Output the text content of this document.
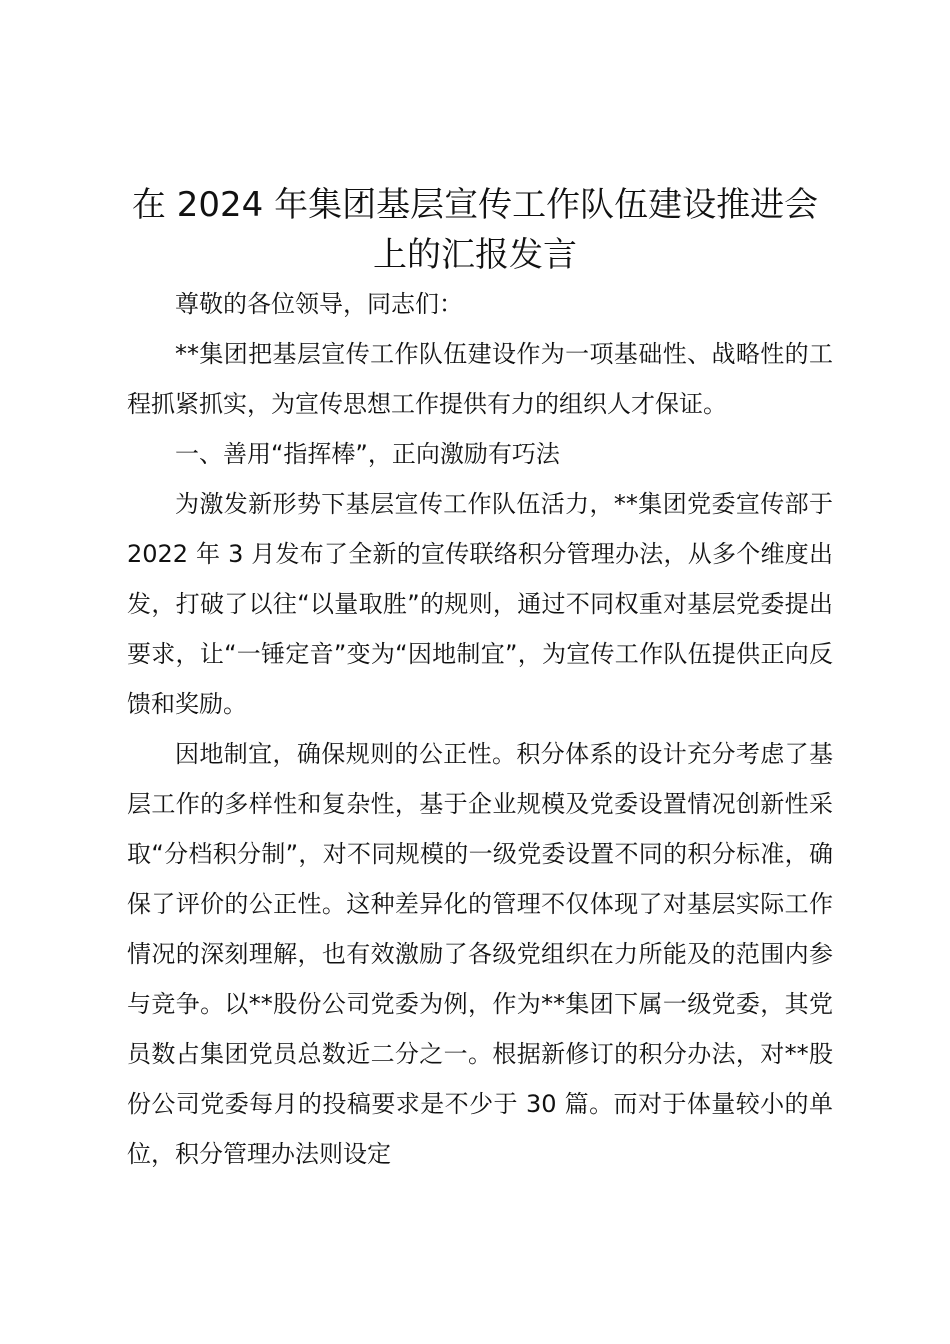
在 2024 年集团基层宣传工作队伍建设推进会
上的汇报发言

尊敬的各位领导，同志们：

**集团把基层宣传工作队伍建设作为一项基础性、战略性的工程抓紧抓实，为宣传思想工作提供有力的组织人才保证。

一、善用“指挥棒”，正向激励有巧法

为激发新形势下基层宣传工作队伍活力，**集团党委宣传部于 2022 年 3 月发布了全新的宣传联络积分管理办法，从多个维度出发，打破了以往“以量取胜”的规则，通过不同权重对基层党委提出要求，让“一锤定音”变为“因地制宜”，为宣传工作队伍提供正向反馈和奖励。

因地制宜，确保规则的公正性。积分体系的设计充分考虑了基层工作的多样性和复杂性，基于企业规模及党委设置情况创新性采取“分档积分制”，对不同规模的一级党委设置不同的积分标准，确保了评价的公正性。这种差异化的管理不仅体现了对基层实际工作情况的深刻理解，也有效激励了各级党组织在力所能及的范围内参与竞争。以**股份公司党委为例，作为**集团下属一级党委，其党员数占集团党员总数近二分之一。根据新修订的积分办法，对**股份公司党委每月的投稿要求是不少于 30 篇。而对于体量较小的单位，积分管理办法则设定
